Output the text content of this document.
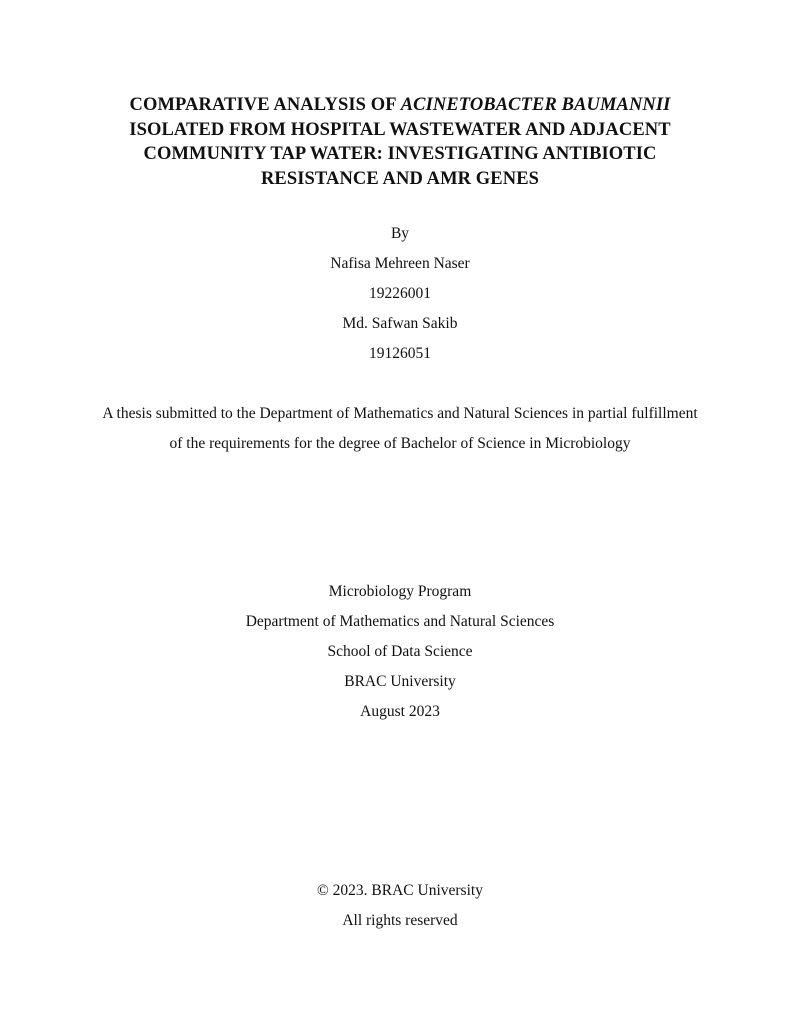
COMPARATIVE ANALYSIS OF ACINETOBACTER BAUMANNII
ISOLATED FROM HOSPITAL WASTEWATER AND ADJACENT
COMMUNITY TAP WATER: INVESTIGATING ANTIBIOTIC
RESISTANCE AND AMR GENES
By
Nafisa Mehreen Naser
19226001
Md. Safwan Sakib
19126051
A thesis submitted to the Department of Mathematics and Natural Sciences in partial fulfillment
of the requirements for the degree of Bachelor of Science in Microbiology
Microbiology Program
Department of Mathematics and Natural Sciences
School of Data Science
BRAC University
August 2023
© 2023. BRAC University
All rights reserved
